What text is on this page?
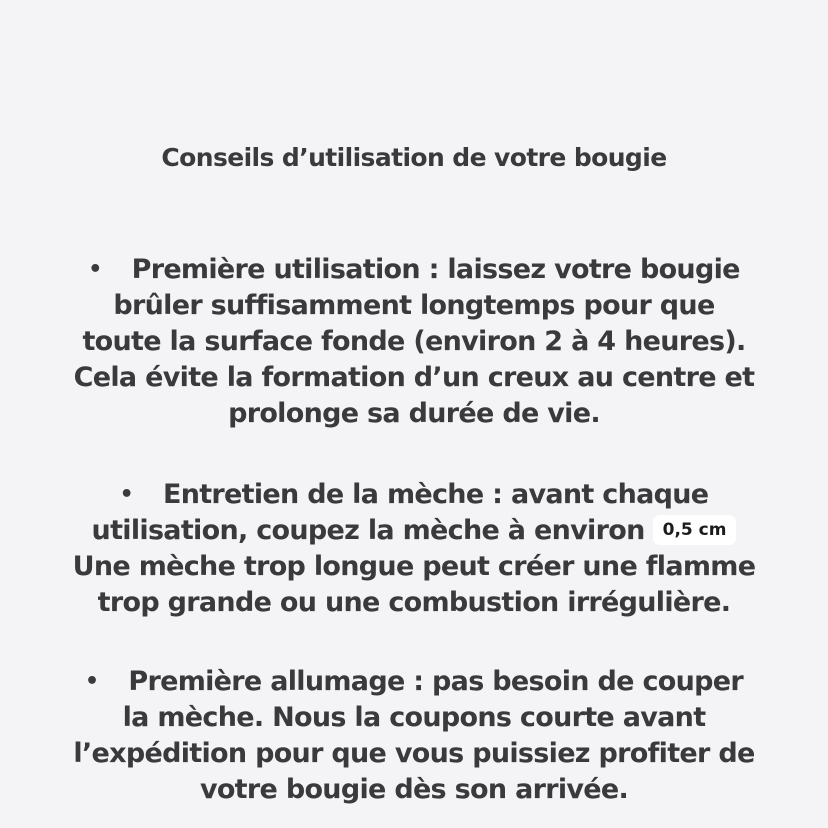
Conseils d’utilisation de votre bougie
• Première utilisation : laissez votre bougie
brûler suffisamment longtemps pour que
toute la surface fonde (environ 2 à 4 heures).
Cela évite la formation d’un creux au centre et
prolonge sa durée de vie.
• Entretien de la mèche : avant chaque
utilisation, coupez la mèche à environ 0,5 cm
Une mèche trop longue peut créer une flamme
trop grande ou une combustion irrégulière.
• Première allumage : pas besoin de couper
la mèche. Nous la coupons courte avant
l’expédition pour que vous puissiez profiter de
votre bougie dès son arrivée.
